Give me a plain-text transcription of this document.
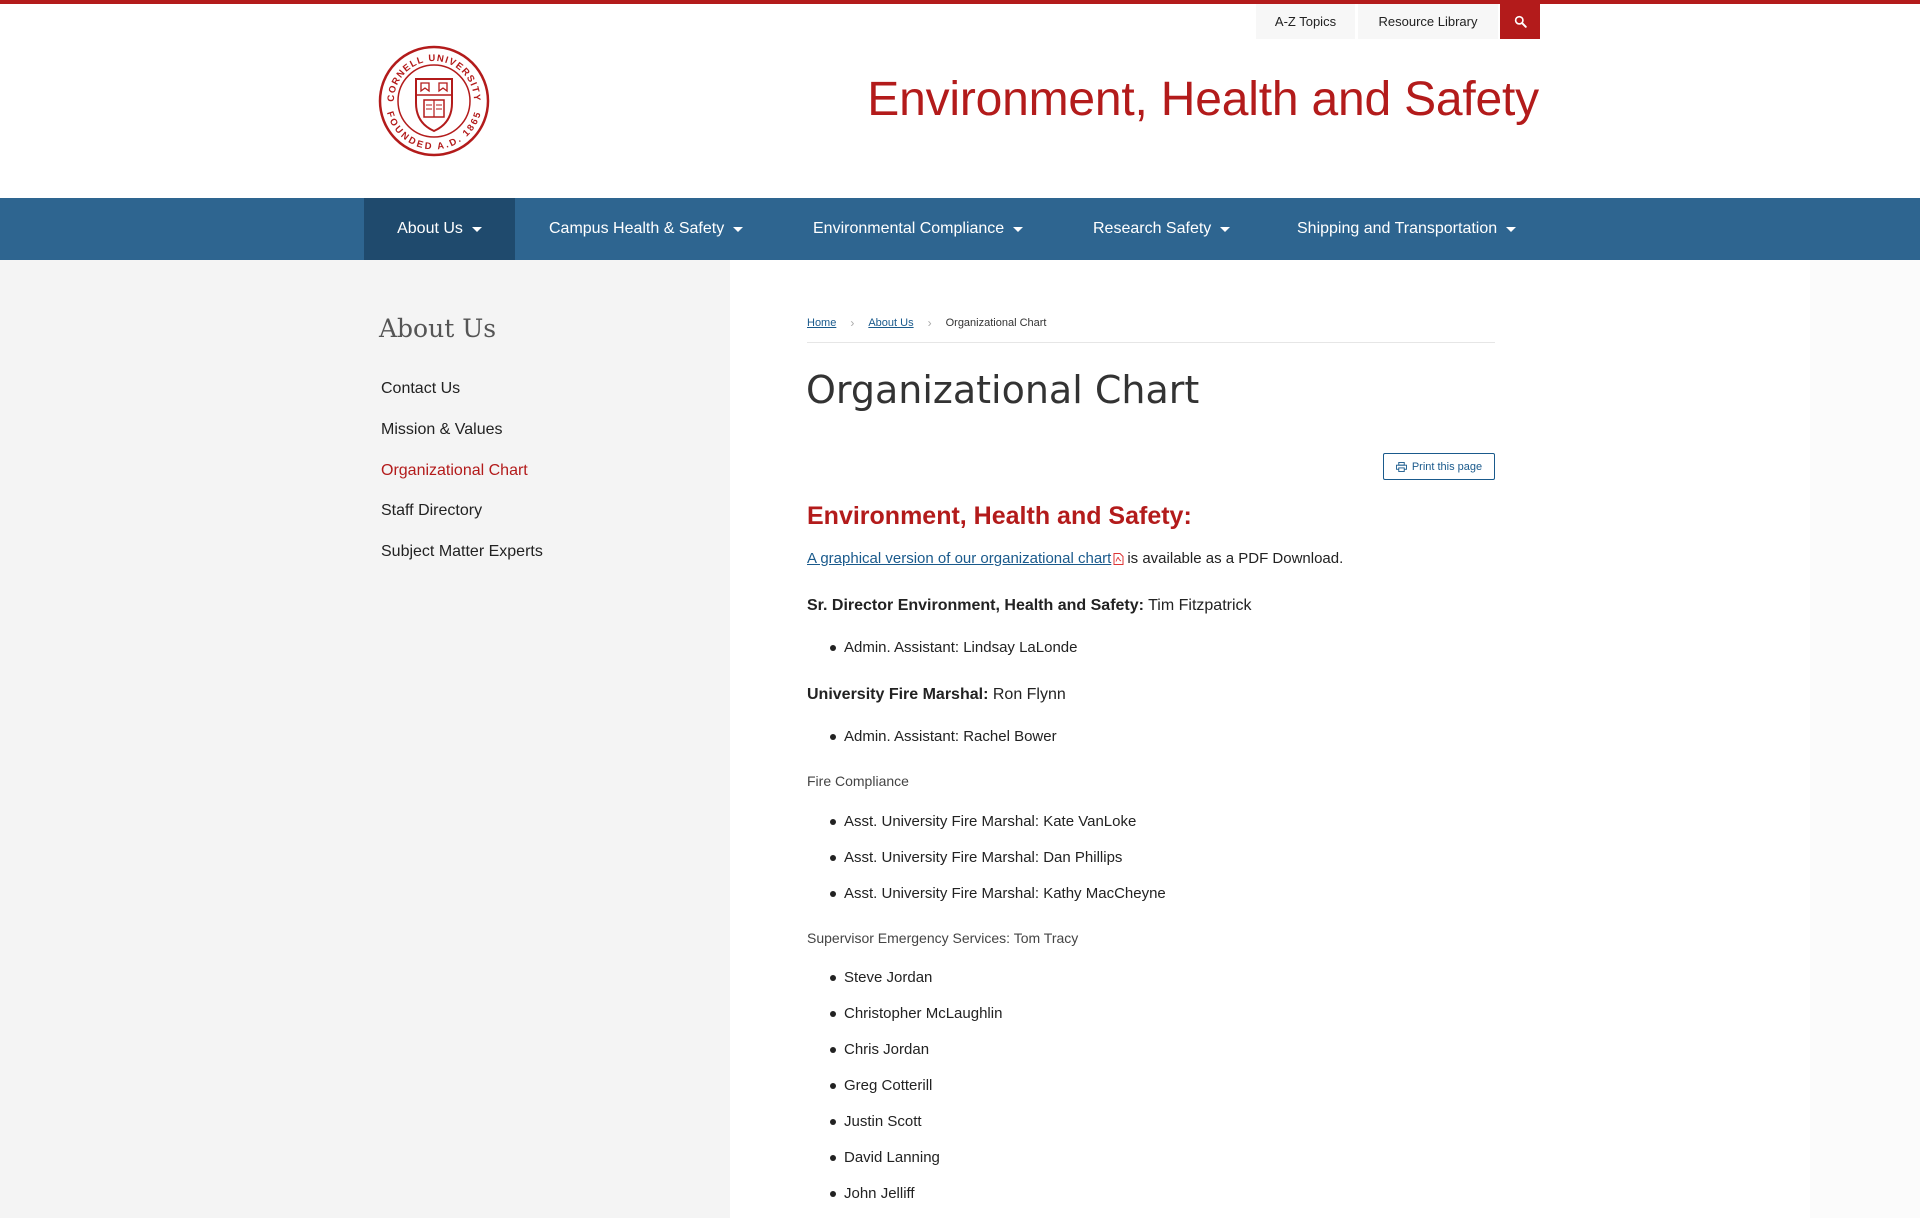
A-Z Topics	Resource Library
CORNELL UNIVERSITY
FOUNDED A.D. 1865	Environment, Health and Safety
About Us	Campus Health & Safety	Environmental Compliance	Research Safety	Shipping and Transportation
About Us
Contact Us
Mission & Values
Organizational Chart
Staff Directory
Subject Matter Experts
Home › About Us › Organizational Chart
Organizational Chart
Print this page
Environment, Health and Safety:
A graphical version of our organizational chart is available as a PDF Download.
Sr. Director Environment, Health and Safety: Tim Fitzpatrick
Admin. Assistant: Lindsay LaLonde
University Fire Marshal: Ron Flynn
Admin. Assistant: Rachel Bower
Fire Compliance
Asst. University Fire Marshal: Kate VanLoke
Asst. University Fire Marshal: Dan Phillips
Asst. University Fire Marshal: Kathy MacCheyne
Supervisor Emergency Services: Tom Tracy
Steve Jordan
Christopher McLaughlin
Chris Jordan
Greg Cotterill
Justin Scott
David Lanning
John Jelliff
